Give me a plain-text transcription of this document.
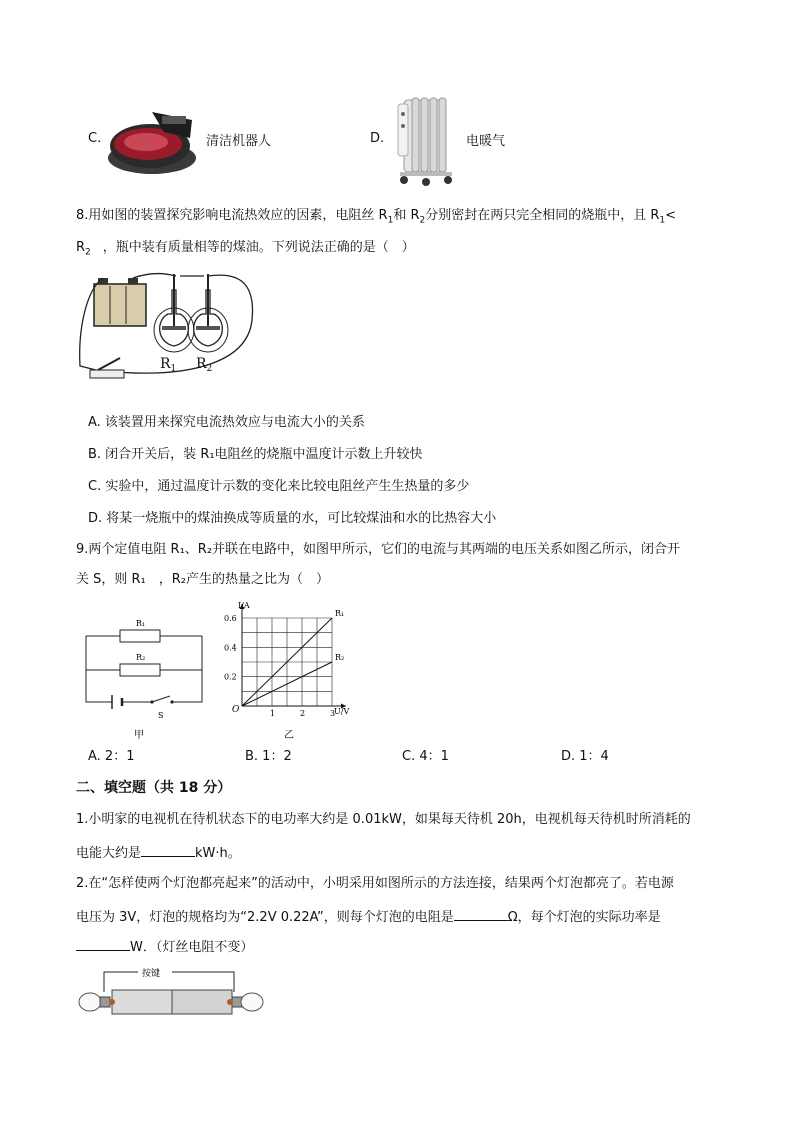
C.	清洁机器人	D.	电暖气
8.用如图的装置探究影响电流热效应的因素，电阻丝 $R_1$和 $R_2$分别密封在两只完全相同的烧瓶中，且 $R_1<$
$R_2$ ，瓶中装有质量相等的煤油。下列说法正确的是（　）
$R_1$ $R_2$
A. 该装置用来探究电流热效应与电流大小的关系
B. 闭合开关后，装 R₁电阻丝的烧瓶中温度计示数上升较快
C. 实验中，通过温度计示数的变化来比较电阻丝产生生热量的多少
D. 将某一烧瓶中的煤油换成等质量的水，可比较煤油和水的比热容大小
9.两个定值电阻 R₁、R₂并联在电路中，如图甲所示，它们的电流与其两端的电压关系如图乙所示，闭合开
关 S，则 R₁　，R₂产生的热量之比为（　）
R₁
R₂
S
甲
1	2	3
0.2
0.4
0.6
R₁
R₂
I/A
U/V
O
乙
A. 2：1	B. 1：2	C. 4：1	D. 1：4
二、填空题（共 18 分）
1.小明家的电视机在待机状态下的电功率大约是 0.01kW，如果每天待机 20h，电视机每天待机时所消耗的
电能大约是	kW·h。
2.在“怎样使两个灯泡都亮起来”的活动中，小明采用如图所示的方法连接，结果两个灯泡都亮了。若电源
电压为 3V，灯泡的规格均为“2.2V 0.22A”，则每个灯泡的电阻是	Ω，每个灯泡的实际功率是
W．（灯丝电阻不变）
按键
